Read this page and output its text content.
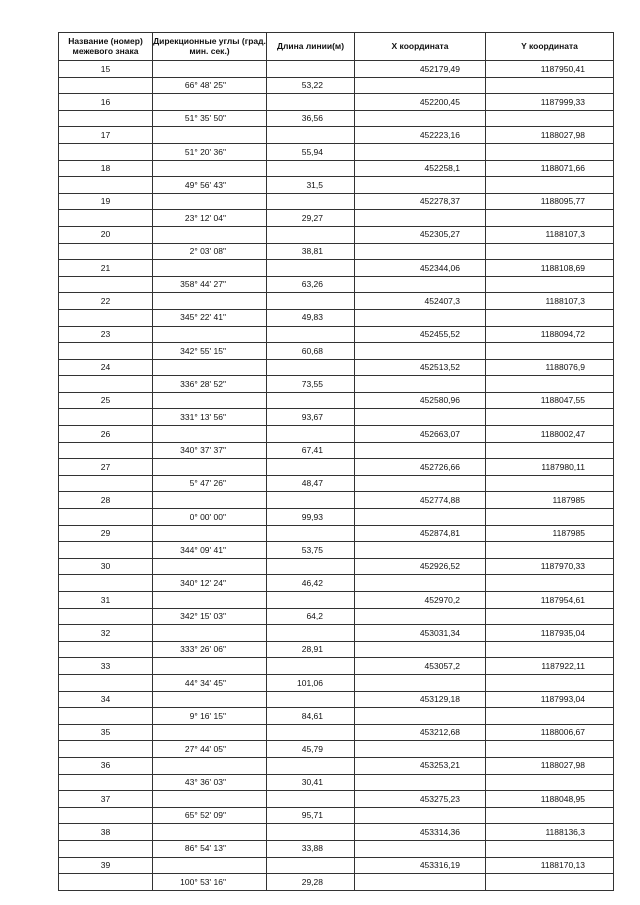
Название (номер) межевого знака	Дирекционные углы (град. мин. сек.)	Длина линии(м)	X координата	Y координата
15			452179,49	1187950,41
	66° 48' 25"	53,22		
16			452200,45	1187999,33
	51° 35' 50"	36,56		
17			452223,16	1188027,98
	51° 20' 36"	55,94		
18			452258,1	1188071,66
	49° 56' 43"	31,5		
19			452278,37	1188095,77
	23° 12' 04"	29,27		
20			452305,27	1188107,3
	2° 03' 08"	38,81		
21			452344,06	1188108,69
	358° 44' 27"	63,26		
22			452407,3	1188107,3
	345° 22' 41"	49,83		
23			452455,52	1188094,72
	342° 55' 15"	60,68		
24			452513,52	1188076,9
	336° 28' 52"	73,55		
25			452580,96	1188047,55
	331° 13' 56"	93,67		
26			452663,07	1188002,47
	340° 37' 37"	67,41		
27			452726,66	1187980,11
	5° 47' 26"	48,47		
28			452774,88	1187985
	0° 00' 00"	99,93		
29			452874,81	1187985
	344° 09' 41"	53,75		
30			452926,52	1187970,33
	340° 12' 24"	46,42		
31			452970,2	1187954,61
	342° 15' 03"	64,2		
32			453031,34	1187935,04
	333° 26' 06"	28,91		
33			453057,2	1187922,11
	44° 34' 45"	101,06		
34			453129,18	1187993,04
	9° 16' 15"	84,61		
35			453212,68	1188006,67
	27° 44' 05"	45,79		
36			453253,21	1188027,98
	43° 36' 03"	30,41		
37			453275,23	1188048,95
	65° 52' 09"	95,71		
38			453314,36	1188136,3
	86° 54' 13"	33,88		
39			453316,19	1188170,13
	100° 53' 16"	29,28		
